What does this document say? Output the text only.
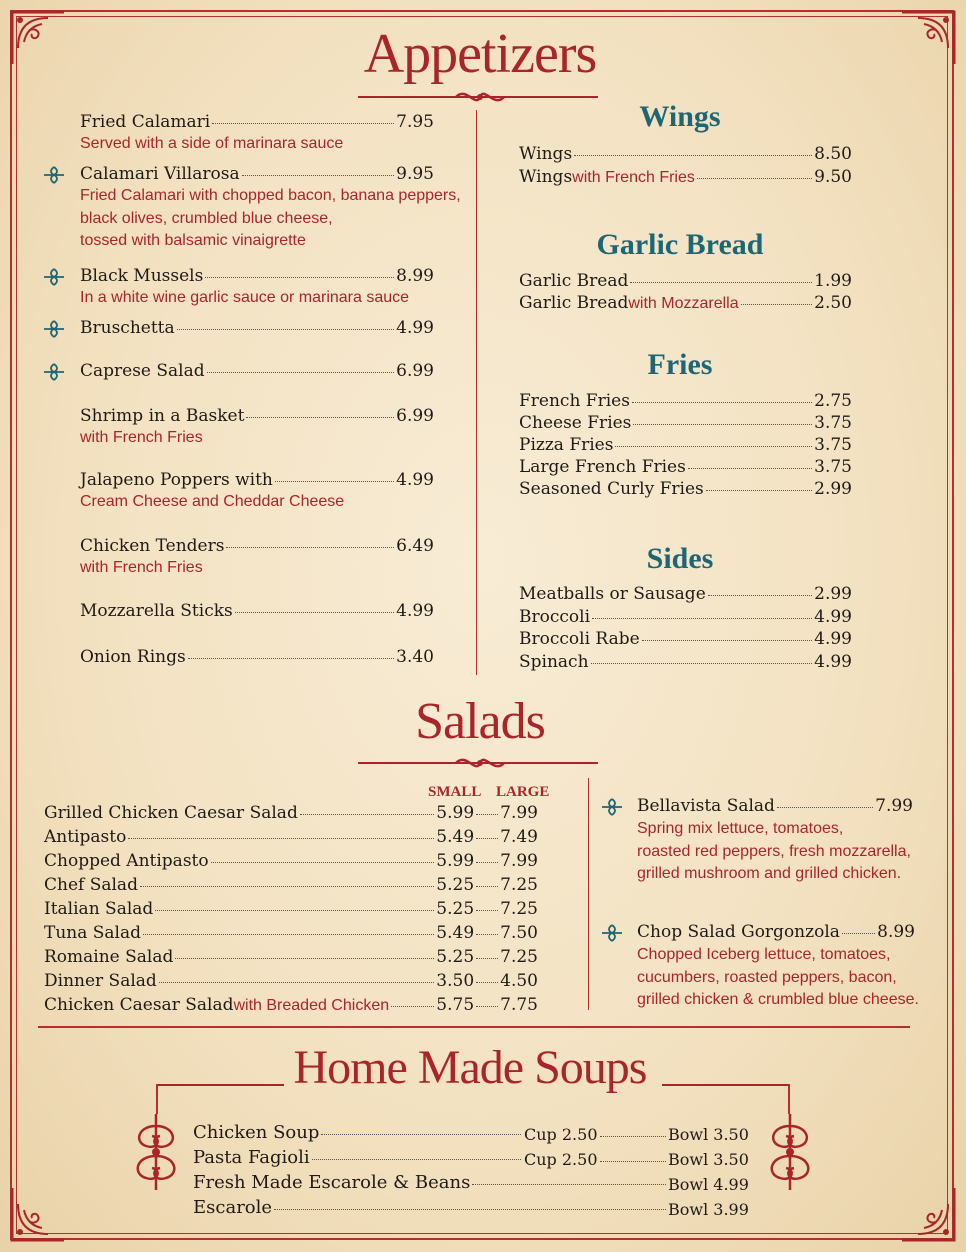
Appetizers
Fried Calamari	7.95
Served with a side of marinara sauce
Calamari Villarosa	9.95
Fried Calamari with chopped bacon, banana peppers,
black olives, crumbled blue cheese,
tossed with balsamic vinaigrette
Black Mussels	8.99
In a white wine garlic sauce or marinara sauce
Bruschetta	4.99
Caprese Salad	6.99
Shrimp in a Basket	6.99
with French Fries
Jalapeno Poppers with	4.99
Cream Cheese and Cheddar Cheese
Chicken Tenders	6.49
with French Fries
Mozzarella Sticks	4.99
Onion Rings	3.40
Wings
Wings	8.50
Wings with French Fries	9.50
Garlic Bread
Garlic Bread	1.99
Garlic Bread with Mozzarella	2.50
Fries
French Fries	2.75
Cheese Fries	3.75
Pizza Fries	3.75
Large French Fries	3.75
Seasoned Curly Fries	2.99
Sides
Meatballs or Sausage	2.99
Broccoli	4.99
Broccoli Rabe	4.99
Spinach	4.99
Salads
SMALL LARGE
Grilled Chicken Caesar Salad	5.99 7.99
Antipasto	5.49 7.49
Chopped Antipasto	5.99 7.99
Chef Salad	5.25 7.25
Italian Salad	5.25 7.25
Tuna Salad	5.49 7.50
Romaine Salad	5.25 7.25
Dinner Salad	3.50 4.50
Chicken Caesar Salad with Breaded Chicken	5.75 7.75
Bellavista Salad	7.99
Spring mix lettuce, tomatoes,
roasted red peppers, fresh mozzarella,
grilled mushroom and grilled chicken.
Chop Salad Gorgonzola 8.99
Chopped Iceberg lettuce, tomatoes,
cucumbers, roasted peppers, bacon,
grilled chicken & crumbled blue cheese.
Home Made Soups
Chicken Soup	Cup 2.50	Bowl 3.50
Pasta Fagioli	Cup 2.50	Bowl 3.50
Fresh Made Escarole & Beans	Bowl 4.99
Escarole	Bowl 3.99
